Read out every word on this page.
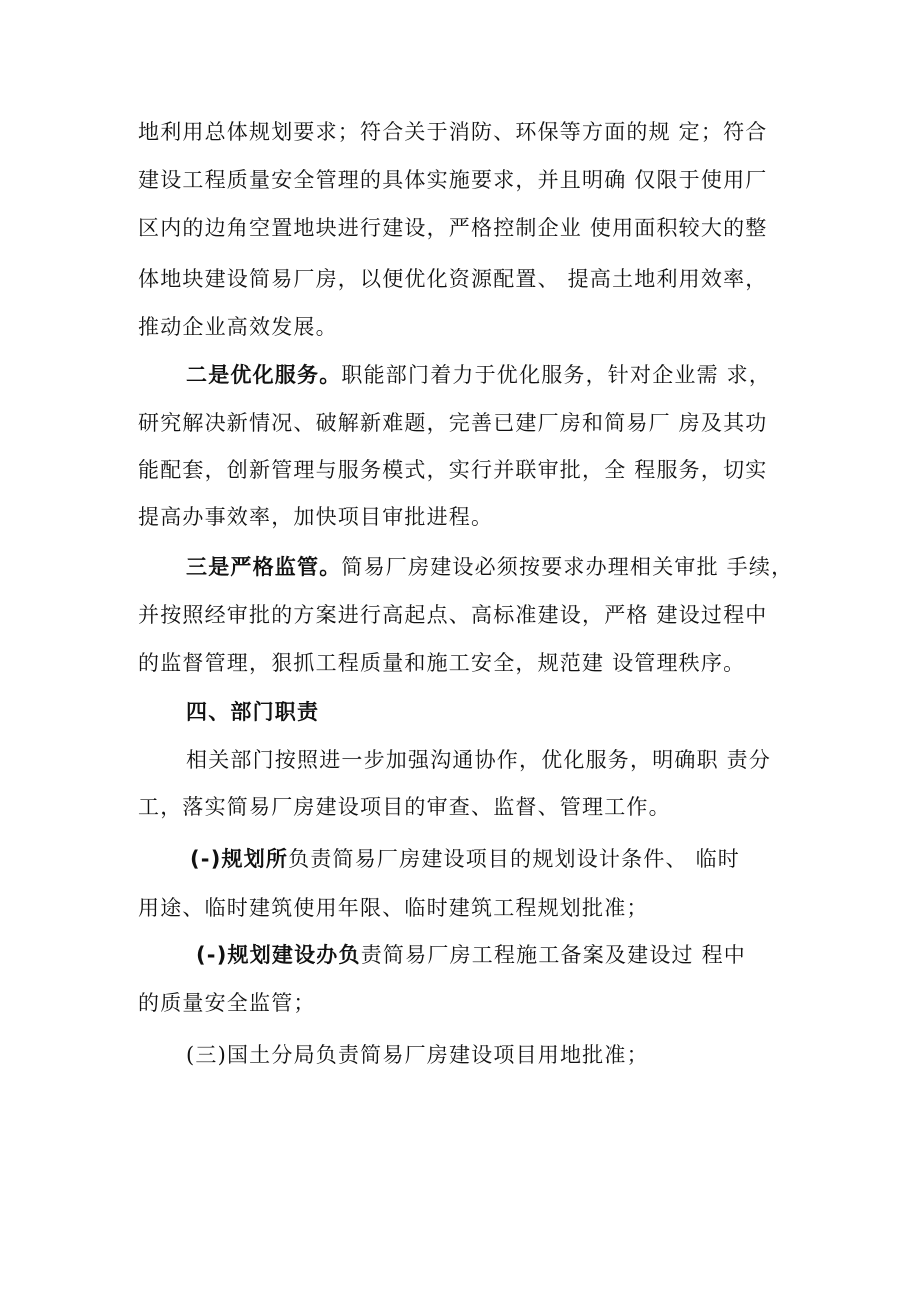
地利用总体规划要求；符合关于消防、环保等方面的规 定；符合
建设工程质量安全管理的具体实施要求，并且明确 仅限于使用厂
区内的边角空置地块进行建设，严格控制企业 使用面积较大的整
体地块建设简易厂房，以便优化资源配置、 提高土地利用效率，
推动企业高效发展。
二是优化服务。职能部门着力于优化服务，针对企业需 求，
研究解决新情况、破解新难题，完善已建厂房和简易厂 房及其功
能配套，创新管理与服务模式，实行并联审批，全 程服务，切实
提高办事效率，加快项目审批进程。
三是严格监管。简易厂房建设必须按要求办理相关审批 手续，
并按照经审批的方案进行高起点、高标准建设，严格 建设过程中
的监督管理，狠抓工程质量和施工安全，规范建 设管理秩序。
四、部门职责
相关部门按照进一步加强沟通协作，优化服务，明确职 责分
工，落实简易厂房建设项目的审查、监督、管理工作。
(-)规划所负责简易厂房建设项目的规划设计条件、 临时
用途、临时建筑使用年限、临时建筑工程规划批准；
(-)规划建设办负责简易厂房工程施工备案及建设过 程中
的质量安全监管；
(三)国土分局负责简易厂房建设项目用地批准；
